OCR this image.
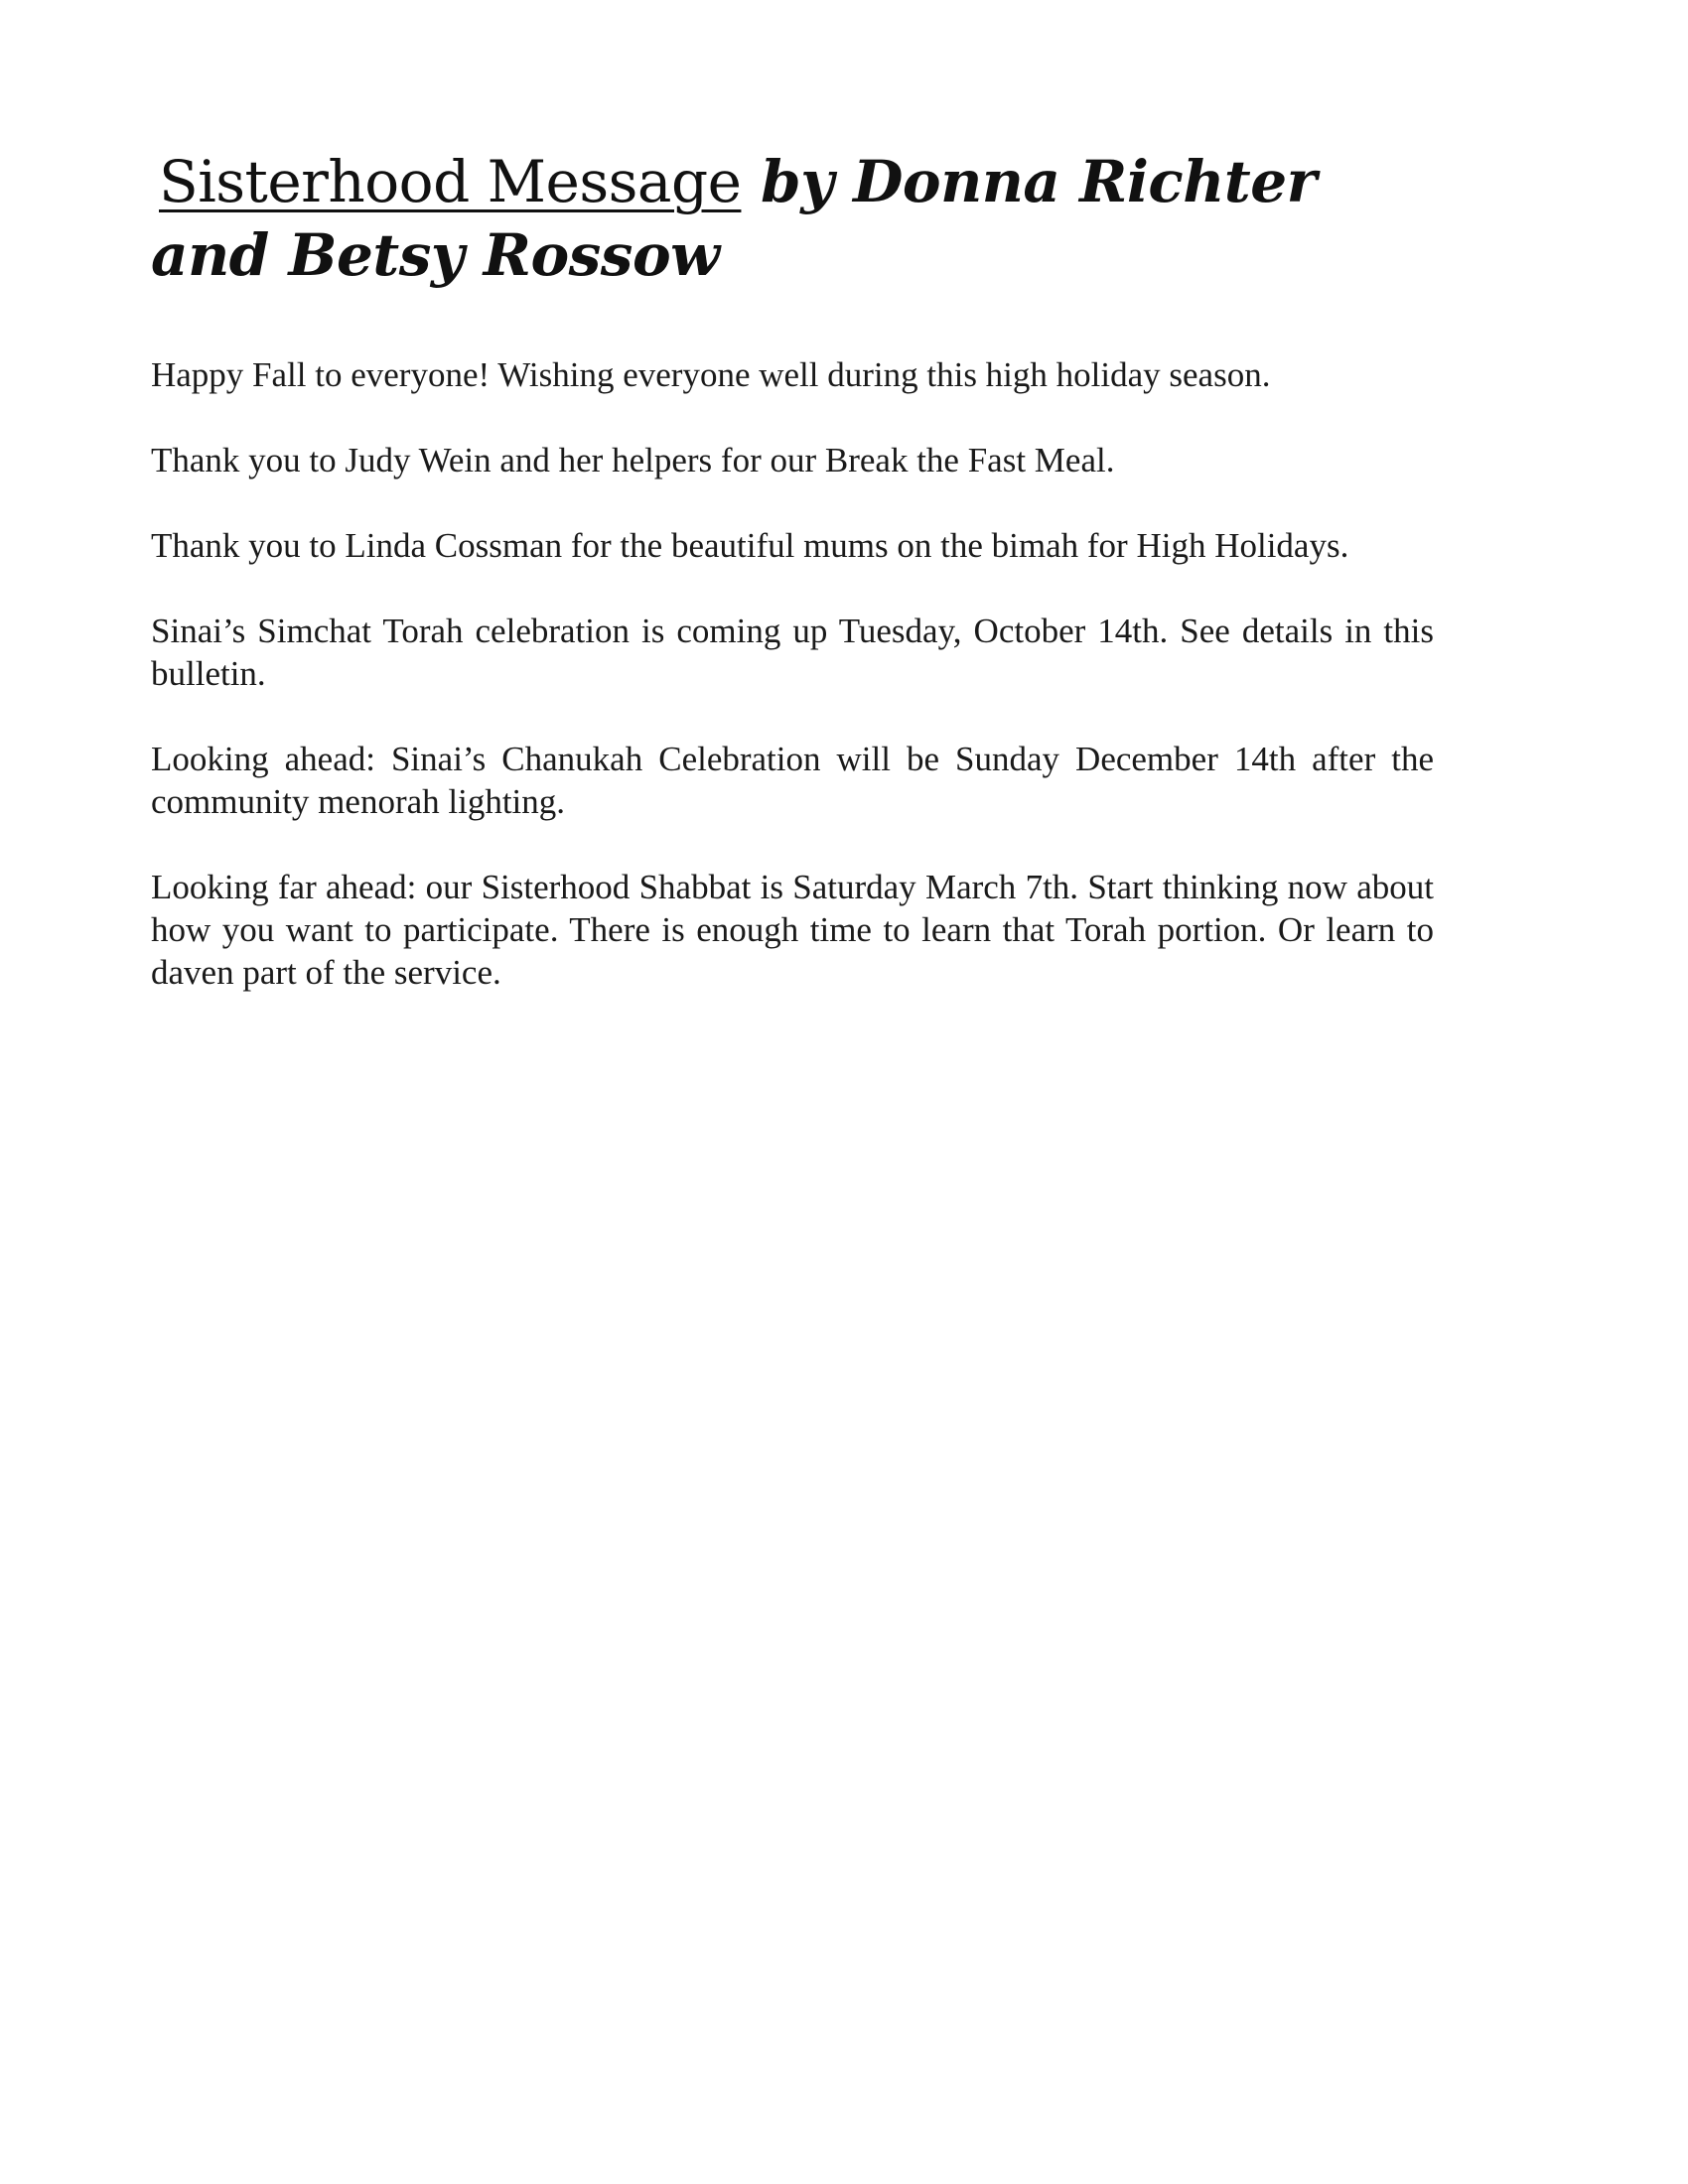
Sisterhood Message by Donna Richter and Betsy Rossow

Happy Fall to everyone! Wishing everyone well during this high holiday season.

Thank you to Judy Wein and her helpers for our Break the Fast Meal.

Thank you to Linda Cossman for the beautiful mums on the bimah for High Holidays.

Sinai’s Simchat Torah celebration is coming up Tuesday, October 14th. See details in this bulletin.

Looking ahead: Sinai’s Chanukah Celebration will be Sunday December 14th after the community menorah lighting.

Looking far ahead: our Sisterhood Shabbat is Saturday March 7th. Start thinking now about how you want to participate. There is enough time to learn that Torah portion. Or learn to daven part of the service.
